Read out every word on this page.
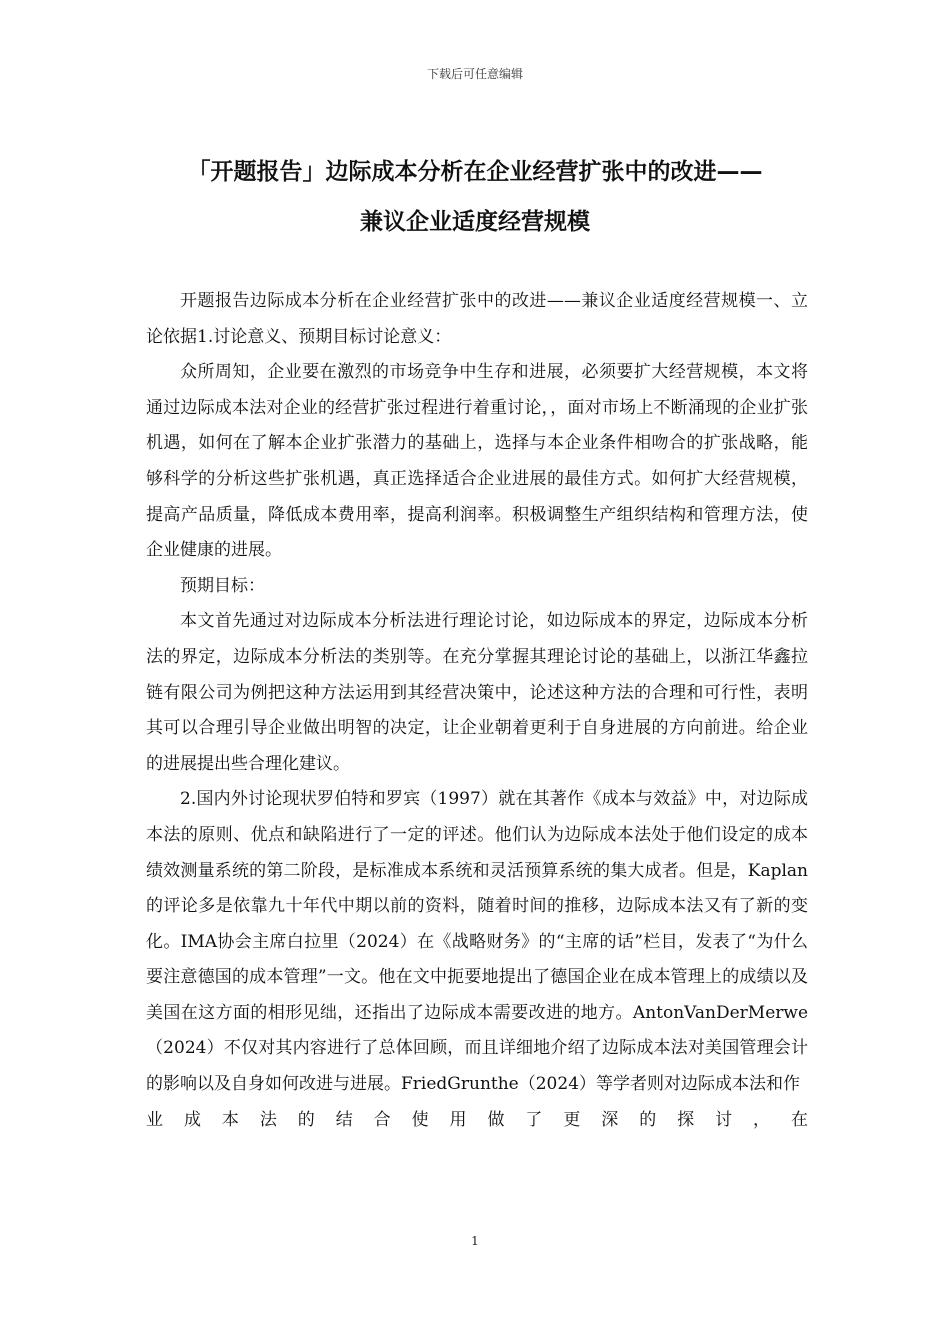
下载后可任意编辑
「开题报告」边际成本分析在企业经营扩张中的改进——
兼议企业适度经营规模

开题报告边际成本分析在企业经营扩张中的改进——兼议企业适度经营规模一、立论依据1.讨论意义、预期目标讨论意义：

众所周知，企业要在激烈的市场竞争中生存和进展，必须要扩大经营规模，本文将通过边际成本法对企业的经营扩张过程进行着重讨论，，面对市场上不断涌现的企业扩张机遇，如何在了解本企业扩张潜力的基础上，选择与本企业条件相吻合的扩张战略，能够科学的分析这些扩张机遇，真正选择适合企业进展的最佳方式。如何扩大经营规模，提高产品质量，降低成本费用率，提高利润率。积极调整生产组织结构和管理方法，使企业健康的进展。

预期目标：

本文首先通过对边际成本分析法进行理论讨论，如边际成本的界定，边际成本分析法的界定，边际成本分析法的类别等。在充分掌握其理论讨论的基础上，以浙江华鑫拉链有限公司为例把这种方法运用到其经营决策中，论述这种方法的合理和可行性，表明其可以合理引导企业做出明智的决定，让企业朝着更利于自身进展的方向前进。给企业的进展提出些合理化建议。

2.国内外讨论现状罗伯特和罗宾（1997）就在其著作《成本与效益》中，对边际成本法的原则、优点和缺陷进行了一定的评述。他们认为边际成本法处于他们设定的成本绩效测量系统的第二阶段，是标准成本系统和灵活预算系统的集大成者。但是，Kaplan的评论多是依靠九十年代中期以前的资料，随着时间的推移，边际成本法又有了新的变化。IMA协会主席白拉里（2024）在《战略财务》的“主席的话”栏目，发表了“为什么要注意德国的成本管理”一文。他在文中扼要地提出了德国企业在成本管理上的成绩以及美国在这方面的相形见绌，还指出了边际成本需要改进的地方。AntonVanDerMerwe（2024）不仅对其内容进行了总体回顾，而且详细地介绍了边际成本法对美国管理会计的影响以及自身如何改进与进展。FriedGrunthe（2024）等学者则对边际成本法和作

业成本法的结合使用做了更深的探讨，在
1
